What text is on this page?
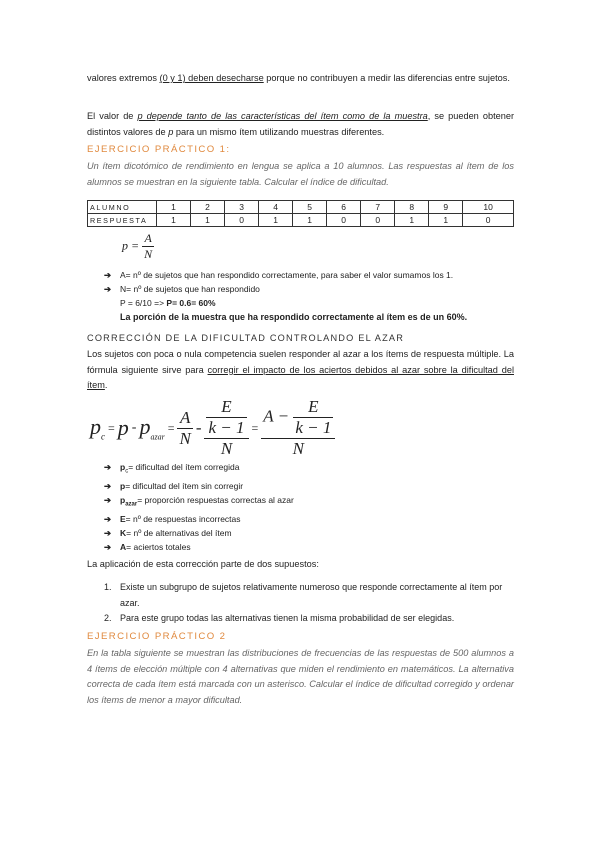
valores extremos (0 y 1) deben desecharse porque no contribuyen a medir las diferencias entre sujetos.

El valor de p depende tanto de las características del ítem como de la muestra, se pueden obtener distintos valores de p para un mismo ítem utilizando muestras diferentes.

EJERCICIO PRÁCTICO 1:

Un ítem dicotómico de rendimiento en lengua se aplica a 10 alumnos. Las respuestas al ítem de los alumnos se muestran en la siguiente tabla. Calcular el índice de dificultad.

ALUMNO	1	2	3	4	5	6	7	8	9	10
RESPUESTA	1	1	0	1	1	0	0	1	1	0
$p = \frac{A}{N}$
➔	A= nº de sujetos que han respondido correctamente, para saber el valor sumamos los 1.
➔	N= nº de sujetos que han respondido
P = 6/10 => P= 0.6= 60%
La porción de la muestra que ha respondido correctamente al ítem es de un 60%.
CORRECCIÓN DE LA DIFICULTAD CONTROLANDO EL AZAR

Los sujetos con poca o nula competencia suelen responder al azar a los ítems de respuesta múltiple. La fórmula siguiente sirve para corregir el impacto de los aciertos debidos al azar sobre la dificultad del ítem.

$p_c$
= p - $p_{azar}$
= $\frac{A}{N} - \frac{\frac{E}{k - 1}}{N} = \frac{A - \frac{E}{k - 1}}{N}$
➔	$p_c=$ dificultad del ítem corregida
➔	p= dificultad del ítem sin corregir
➔	$p_{azar}=$ proporción respuestas correctas al azar
➔	E= nº de respuestas incorrectas
➔	K= nº de alternativas del ítem
➔	A= aciertos totales

La aplicación de esta corrección parte de dos supuestos:

1. Existe un subgrupo de sujetos relativamente numeroso que responde correctamente al ítem por azar.
2. Para este grupo todas las alternativas tienen la misma probabilidad de ser elegidas.
EJERCICIO PRÁCTICO 2

En la tabla siguiente se muestran las distribuciones de frecuencias de las respuestas de 500 alumnos a 4 ítems de elección múltiple con 4 alternativas que miden el rendimiento en matemáticos. La alternativa correcta de cada ítem está marcada con un asterisco. Calcular el índice de dificultad corregido y ordenar los ítems de menor a mayor dificultad.
